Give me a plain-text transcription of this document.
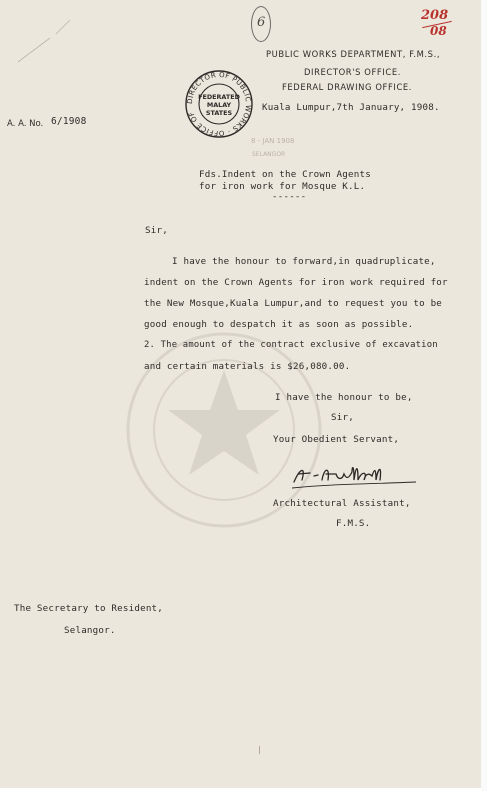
208
08
6
PUBLIC WORKS DEPARTMENT, F.M.S.,
DIRECTOR'S OFFICE.
FEDERAL DRAWING OFFICE.
Kuala Lumpur,7th January, 1908.
DIRECTOR OF PUBLIC WORKS · OFFICE OF
FEDERATED
MALAY
STATES
A. A. No. 6/1908
8 - JAN 1908
SELANGOR
Fds.Indent on the Crown Agents
for iron work for Mosque K.L.
------
Sir,
I have the honour to forward,in quadruplicate,
indent on the Crown Agents for iron work required for
the New Mosque,Kuala Lumpur,and to request you to be
good enough to despatch it as soon as possible.
2. The amount of the contract exclusive of excavation
and certain materials is $26,080.00.
I have the honour to be,
Sir,
Your Obedient Servant,
Architectural Assistant,
F.M.S.
The Secretary to Resident,
Selangor.
